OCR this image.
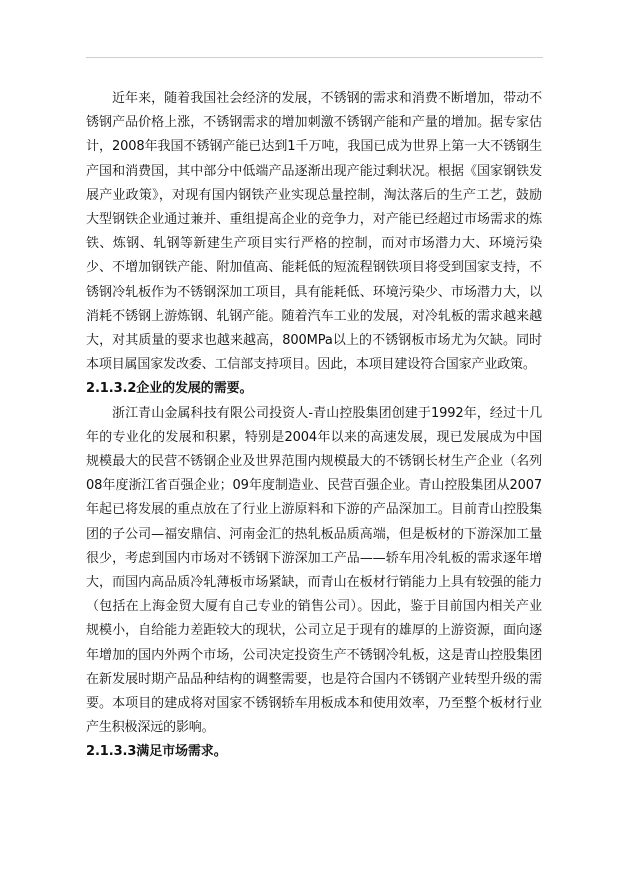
近年来，随着我国社会经济的发展，不锈钢的需求和消费不断增加，带动不锈钢产品价格上涨，不锈钢需求的增加刺激不锈钢产能和产量的增加。据专家估计，2008年我国不锈钢产能已达到1千万吨，我国已成为世界上第一大不锈钢生产国和消费国，其中部分中低端产品逐渐出现产能过剩状况。根据《国家钢铁发展产业政策》，对现有国内钢铁产业实现总量控制，淘汰落后的生产工艺，鼓励大型钢铁企业通过兼并、重组提高企业的竞争力，对产能已经超过市场需求的炼铁、炼钢、轧钢等新建生产项目实行严格的控制，而对市场潜力大、环境污染少、不增加钢铁产能、附加值高、能耗低的短流程钢铁项目将受到国家支持，不锈钢冷轧板作为不锈钢深加工项目，具有能耗低、环境污染少、市场潜力大，以消耗不锈钢上游炼钢、轧钢产能。随着汽车工业的发展，对冷轧板的需求越来越大，对其质量的要求也越来越高，800MPa以上的不锈钢板市场尤为欠缺。同时本项目属国家发改委、工信部支持项目。因此，本项目建设符合国家产业政策。

2.1.3.2企业的发展的需要。

浙江青山金属科技有限公司投资人-青山控股集团创建于1992年，经过十几年的专业化的发展和积累，特别是2004年以来的高速发展，现已发展成为中国规模最大的民营不锈钢企业及世界范围内规模最大的不锈钢长材生产企业（名列08年度浙江省百强企业；09年度制造业、民营百强企业。青山控股集团从2007年起已将发展的重点放在了行业上游原料和下游的产品深加工。目前青山控股集团的子公司—福安鼎信、河南金汇的热轧板品质高端，但是板材的下游深加工量很少，考虑到国内市场对不锈钢下游深加工产品——轿车用冷轧板的需求逐年增大，而国内高品质冷轧薄板市场紧缺，而青山在板材行销能力上具有较强的能力（包括在上海金贸大厦有自己专业的销售公司）。因此，鉴于目前国内相关产业规模小，自给能力差距较大的现状，公司立足于现有的雄厚的上游资源，面向逐年增加的国内外两个市场，公司决定投资生产不锈钢冷轧板，这是青山控股集团在新发展时期产品品种结构的调整需要，也是符合国内不锈钢产业转型升级的需要。本项目的建成将对国家不锈钢轿车用板成本和使用效率，乃至整个板材行业产生积极深远的影响。

2.1.3.3满足市场需求。
